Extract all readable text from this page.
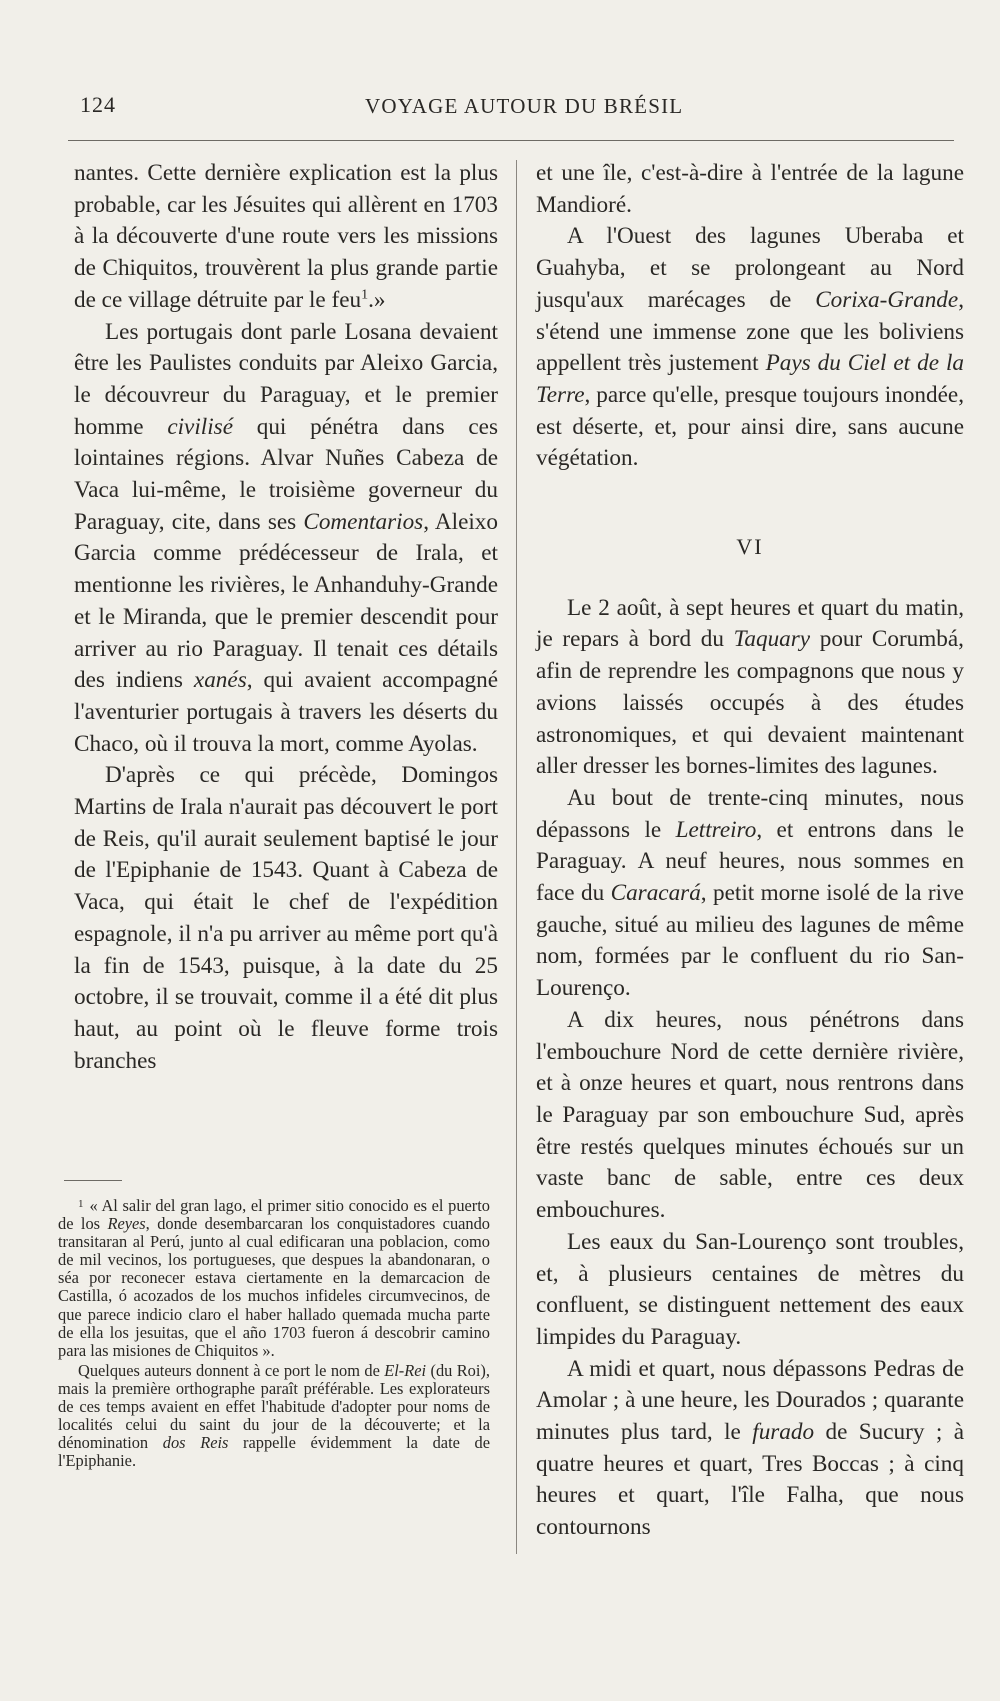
124	VOYAGE AUTOUR DU BRÉSIL

nantes. Cette dernière explication est la plus probable, car les Jésuites qui allèrent en 1703 à la découverte d'une route vers les missions de Chiquitos, trouvèrent la plus grande partie de ce village détruite par le feu$^1$.»

Les portugais dont parle Losana devaient être les Paulistes conduits par Aleixo Garcia, le découvreur du Paraguay, et le premier homme civilisé qui pénétra dans ces lointaines régions. Alvar Nuñes Cabeza de Vaca lui-même, le troisième governeur du Paraguay, cite, dans ses Comentarios, Aleixo Garcia comme prédécesseur de Irala, et mentionne les rivières, le Anhanduhy-Grande et le Miranda, que le premier descendit pour arriver au rio Paraguay. Il tenait ces détails des indiens xanés, qui avaient accompagné l'aventurier portugais à travers les déserts du Chaco, où il trouva la mort, comme Ayolas.

D'après ce qui précède, Domingos Martins de Irala n'aurait pas découvert le port de Reis, qu'il aurait seulement baptisé le jour de l'Epiphanie de 1543. Quant à Cabeza de Vaca, qui était le chef de l'expédition espagnole, il n'a pu arriver au même port qu'à la fin de 1543, puisque, à la date du 25 octobre, il se trouvait, comme il a été dit plus haut, au point où le fleuve forme trois branches

$^1$ « Al salir del gran lago, el primer sitio conocido es el puerto de los Reyes, donde desembarcaran los conquistadores cuando transitaran al Perú, junto al cual edificaran una poblacion, como de mil vecinos, los portugueses, que despues la abandonaran, o séa por reconecer estava ciertamente en la demarcacion de Castilla, ó acozados de los muchos infideles circumvecinos, de que parece indicio claro el haber hallado quemada mucha parte de ella los jesuitas, que el año 1703 fueron á descobrir camino para las misiones de Chiquitos ».

Quelques auteurs donnent à ce port le nom de El-Rei (du Roi), mais la première orthographe paraît préférable. Les explorateurs de ces temps avaient en effet l'habitude d'adopter pour noms de localités celui du saint du jour de la découverte; et la dénomination dos Reis rappelle évidemment la date de l'Epiphanie.

et une île, c'est-à-dire à l'entrée de la lagune Mandioré.

A l'Ouest des lagunes Uberaba et Guahyba, et se prolongeant au Nord jusqu'aux marécages de Corixa-Grande, s'étend une immense zone que les boliviens appellent très justement Pays du Ciel et de la Terre, parce qu'elle, presque toujours inondée, est déserte, et, pour ainsi dire, sans aucune végétation.

VI

Le 2 août, à sept heures et quart du matin, je repars à bord du Taquary pour Corumbá, afin de reprendre les compagnons que nous y avions laissés occupés à des études astronomiques, et qui devaient maintenant aller dresser les bornes-limites des lagunes.

Au bout de trente-cinq minutes, nous dépassons le Lettreiro, et entrons dans le Paraguay. A neuf heures, nous sommes en face du Caracará, petit morne isolé de la rive gauche, situé au milieu des lagunes de même nom, formées par le confluent du rio San-Lourenço.

A dix heures, nous pénétrons dans l'embouchure Nord de cette dernière rivière, et à onze heures et quart, nous rentrons dans le Paraguay par son embouchure Sud, après être restés quelques minutes échoués sur un vaste banc de sable, entre ces deux embouchures.

Les eaux du San-Lourenço sont troubles, et, à plusieurs centaines de mètres du confluent, se distinguent nettement des eaux limpides du Paraguay.

A midi et quart, nous dépassons Pedras de Amolar ; à une heure, les Dourados ; quarante minutes plus tard, le furado de Sucury ; à quatre heures et quart, Tres Boccas ; à cinq heures et quart, l'île Falha, que nous contournons
